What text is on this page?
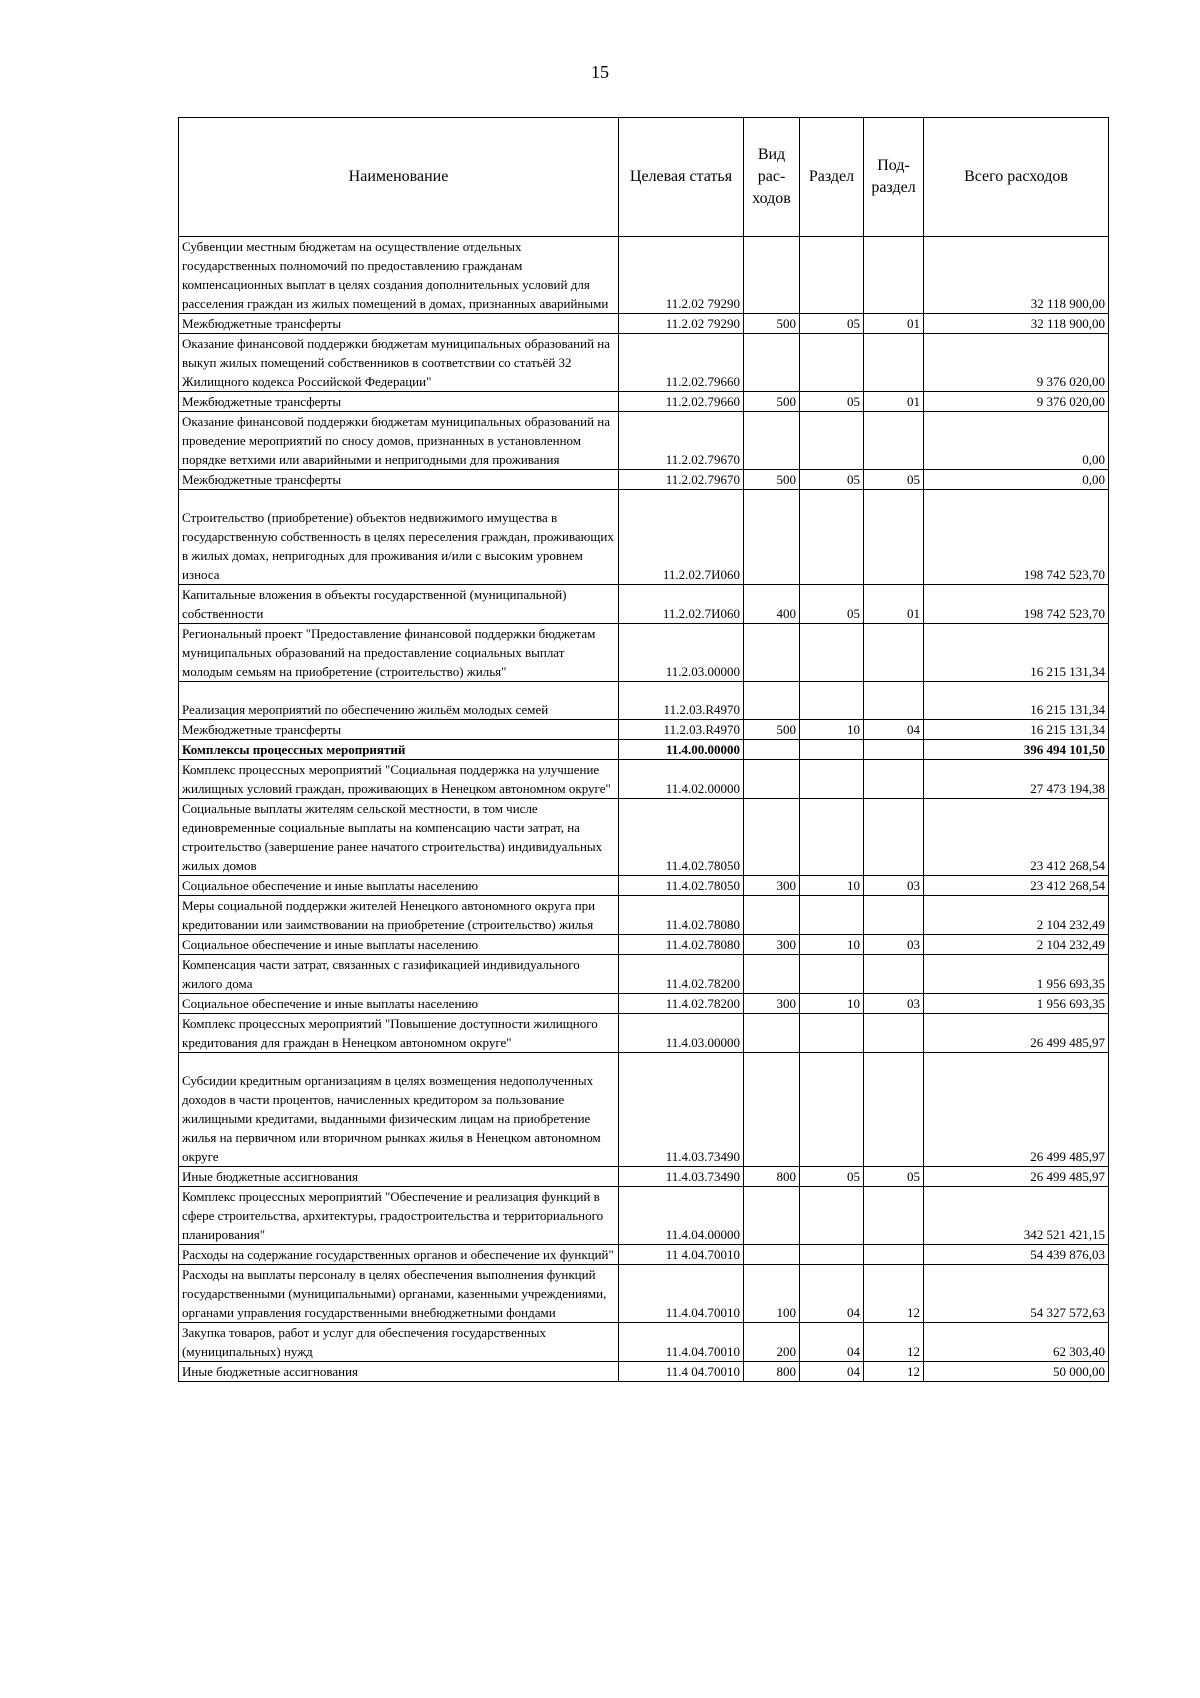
15
Наименование	Целевая статья	Вид рас- ходов	Раздел	Под- раздел	Всего расходов
Субвенции местным бюджетам на осуществление отдельных государственных полномочий по предоставлению гражданам компенсационных выплат в целях создания дополнительных условий для расселения граждан из жилых помещений в домах, признанных аварийными	11.2.02 79290				32 118 900,00
Межбюджетные трансферты	11.2.02 79290	500	05	01	32 118 900,00
Оказание финансовой поддержки бюджетам муниципальных образований на выкуп жилых помещений собственников в соответствии со статьёй 32 Жилищного кодекса Российской Федерации"	11.2.02.79660				9 376 020,00
Межбюджетные трансферты	11.2.02.79660	500	05	01	9 376 020,00
Оказание финансовой поддержки бюджетам муниципальных образований на проведение мероприятий по сносу домов, признанных в установленном порядке ветхими или аварийными и непригодными для проживания	11.2.02.79670				0,00
Межбюджетные трансферты	11.2.02.79670	500	05	05	0,00
Строительство (приобретение) объектов недвижимого имущества в государственную собственность в целях переселения граждан, проживающих в жилых домах, непригодных для проживания и/или с высоким уровнем износа	11.2.02.7И060				198 742 523,70
Капитальные вложения в объекты государственной (муниципальной) собственности	11.2.02.7И060	400	05	01	198 742 523,70
Региональный проект "Предоставление финансовой поддержки бюджетам муниципальных образований на предоставление социальных выплат молодым семьям на приобретение (строительство) жилья"	11.2.03.00000				16 215 131,34
Реализация мероприятий по обеспечению жильём молодых семей	11.2.03.R4970				16 215 131,34
Межбюджетные трансферты	11.2.03.R4970	500	10	04	16 215 131,34
Комплексы процессных мероприятий	11.4.00.00000				396 494 101,50
Комплекс процессных мероприятий "Социальная поддержка на улучшение жилищных условий граждан, проживающих в Ненецком автономном округе"	11.4.02.00000				27 473 194,38
Социальные выплаты жителям сельской местности, в том числе единовременные социальные выплаты на компенсацию части затрат, на строительство (завершение ранее начатого строительства) индивидуальных жилых домов	11.4.02.78050				23 412 268,54
Социальное обеспечение и иные выплаты населению	11.4.02.78050	300	10	03	23 412 268,54
Меры социальной поддержки жителей Ненецкого автономного округа при кредитовании или заимствовании на приобретение (строительство) жилья	11.4.02.78080				2 104 232,49
Социальное обеспечение и иные выплаты населению	11.4.02.78080	300	10	03	2 104 232,49
Компенсация части затрат, связанных с газификацией индивидуального жилого дома	11.4.02.78200				1 956 693,35
Социальное обеспечение и иные выплаты населению	11.4.02.78200	300	10	03	1 956 693,35
Комплекс процессных мероприятий "Повышение доступности жилищного кредитования для граждан в Ненецком автономном округе"	11.4.03.00000				26 499 485,97
Субсидии кредитным организациям в целях возмещения недополученных доходов в части процентов, начисленных кредитором за пользование жилищными кредитами, выданными физическим лицам на приобретение жилья на первичном или вторичном рынках жилья в Ненецком автономном округе	11.4.03.73490				26 499 485,97
Иные бюджетные ассигнования	11.4.03.73490	800	05	05	26 499 485,97
Комплекс процессных мероприятий "Обеспечение и реализация функций в сфере строительства, архитектуры, градостроительства и территориального планирования"	11.4.04.00000				342 521 421,15
Расходы на содержание государственных органов и обеспечение их функций"	11 4.04.70010				54 439 876,03
Расходы на выплаты персоналу в целях обеспечения выполнения функций государственными (муниципальными) органами, казенными учреждениями, органами управления государственными внебюджетными фондами	11.4.04.70010	100	04	12	54 327 572,63
Закупка товаров, работ и услуг для обеспечения государственных (муниципальных) нужд	11.4.04.70010	200	04	12	62 303,40
Иные бюджетные ассигнования	11.4 04.70010	800	04	12	50 000,00
